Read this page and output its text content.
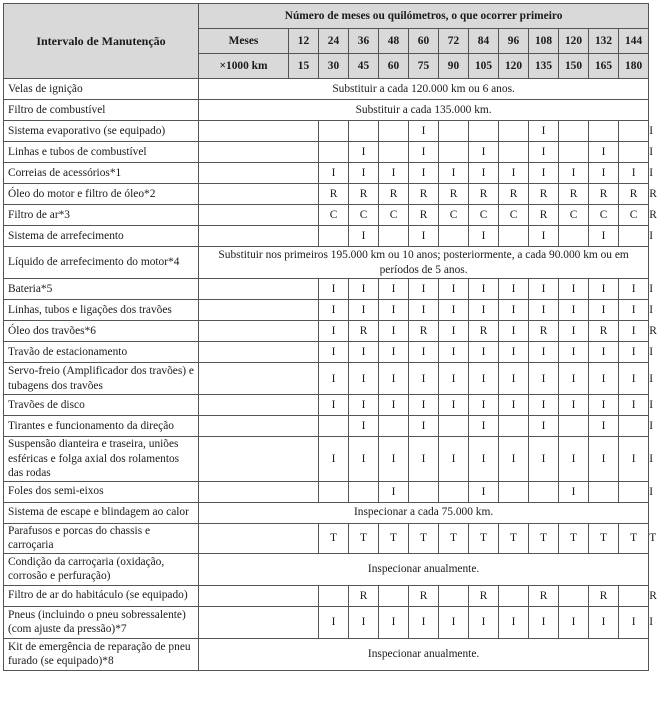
Intervalo de Manutenção	Número de meses ou quilómetros, o que ocorrer primeiro													
	Meses	12	24	36	48	60	72	84	96	108	120	132	144	
	×1000 km	15	30	45	60	75	90	105	120	135	150	165	180	
Velas de ignição	Substituir a cada 120.000 km ou 6 anos.													
Filtro de combustível	Substituir a cada 135.000 km.													
Sistema evaporativo (se equipado)						I				I				I
Linhas e tubos de combustível				I		I		I		I		I		I
Correias de acessórios*1			I	I	I	I	I	I	I	I	I	I	I	I
Óleo do motor e filtro de óleo*2			R	R	R	R	R	R	R	R	R	R	R	R
Filtro de ar*3			C	C	C	R	C	C	C	R	C	C	C	R
Sistema de arrefecimento				I		I		I		I		I		I
Líquido de arrefecimento do motor*4	Substituir nos primeiros 195.000 km ou 10 anos; posteriormente, a cada 90.000 km ou em períodos de 5 anos.													
Bateria*5			I	I	I	I	I	I	I	I	I	I	I	I
Linhas, tubos e ligações dos travões			I	I	I	I	I	I	I	I	I	I	I	I
Óleo dos travões*6			I	R	I	R	I	R	I	R	I	R	I	R
Travão de estacionamento			I	I	I	I	I	I	I	I	I	I	I	I
Servo-freio (Amplificador dos travões) e tubagens dos travões			I	I	I	I	I	I	I	I	I	I	I	I
Travões de disco			I	I	I	I	I	I	I	I	I	I	I	I
Tirantes e funcionamento da direção				I		I		I		I		I		I
Suspensão dianteira e traseira, uniões esféricas e folga axial dos rolamentos das rodas			I	I	I	I	I	I	I	I	I	I	I	I
Foles dos semi-eixos					I			I			I			I
Sistema de escape e blindagem ao calor	Inspecionar a cada 75.000 km.													
Parafusos e porcas do chassis e carroçaria			T	T	T	T	T	T	T	T	T	T	T	T
Condição da carroçaria (oxidação, corrosão e perfuração)	Inspecionar anualmente.													
Filtro de ar do habitáculo (se equipado)				R		R		R		R		R		R
Pneus (incluindo o pneu sobressalente) (com ajuste da pressão)*7			I	I	I	I	I	I	I	I	I	I	I	I
Kit de emergência de reparação de pneu furado (se equipado)*8	Inspecionar anualmente.													
